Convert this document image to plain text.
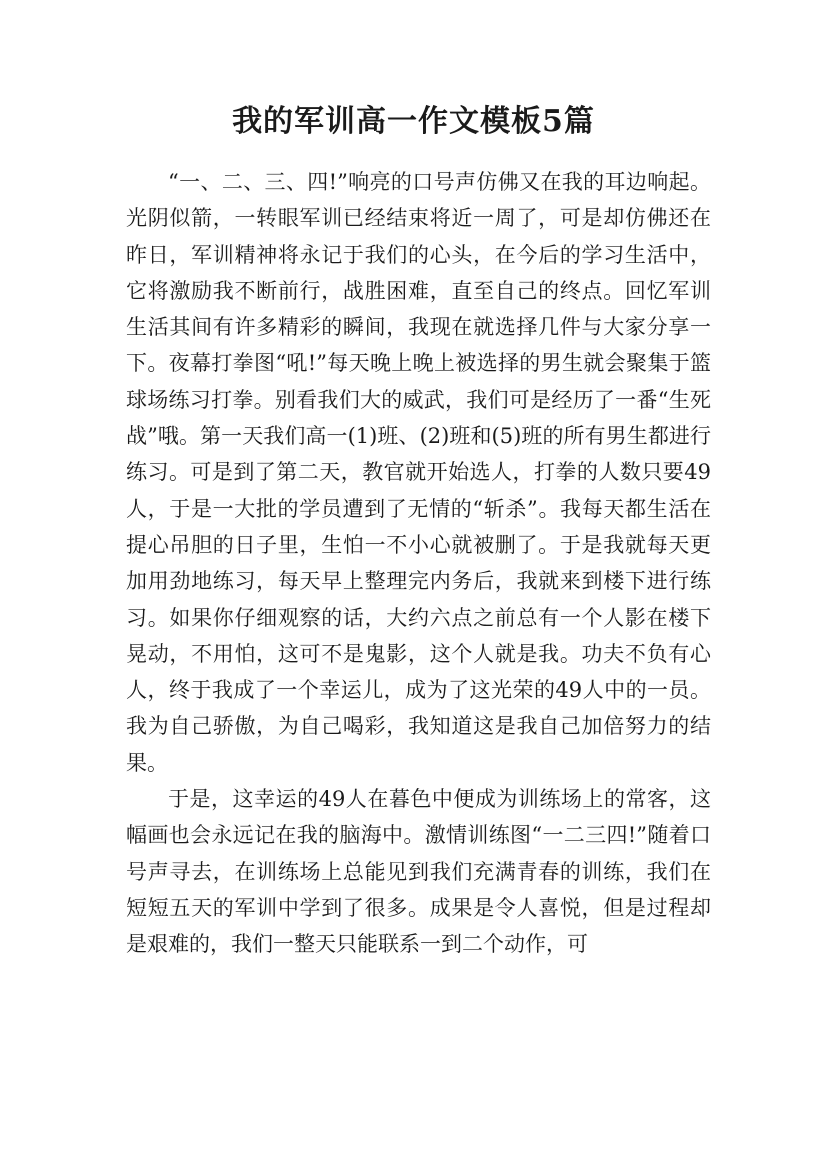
我的军训高一作文模板5篇

“一、二、三、四!”响亮的口号声仿佛又在我的耳边响起。光阴似箭，一转眼军训已经结束将近一周了，可是却仿佛还在昨日，军训精神将永记于我们的心头，在今后的学习生活中，它将激励我不断前行，战胜困难，直至自己的终点。回忆军训生活其间有许多精彩的瞬间，我现在就选择几件与大家分享一下。夜幕打拳图“吼!”每天晚上晚上被选择的男生就会聚集于篮球场练习打拳。别看我们大的威武，我们可是经历了一番“生死战”哦。第一天我们高一(1)班、(2)班和(5)班的所有男生都进行练习。可是到了第二天，教官就开始选人，打拳的人数只要49人，于是一大批的学员遭到了无情的“斩杀”。我每天都生活在提心吊胆的日子里，生怕一不小心就被删了。于是我就每天更加用劲地练习，每天早上整理完内务后，我就来到楼下进行练习。如果你仔细观察的话，大约六点之前总有一个人影在楼下晃动，不用怕，这可不是鬼影，这个人就是我。功夫不负有心人，终于我成了一个幸运儿，成为了这光荣的49人中的一员。我为自己骄傲，为自己喝彩，我知道这是我自己加倍努力的结果。

于是，这幸运的49人在暮色中便成为训练场上的常客，这幅画也会永远记在我的脑海中。激情训练图“一二三四!”随着口号声寻去，在训练场上总能见到我们充满青春的训练，我们在短短五天的军训中学到了很多。成果是令人喜悦，但是过程却是艰难的，我们一整天只能联系一到二个动作，可
